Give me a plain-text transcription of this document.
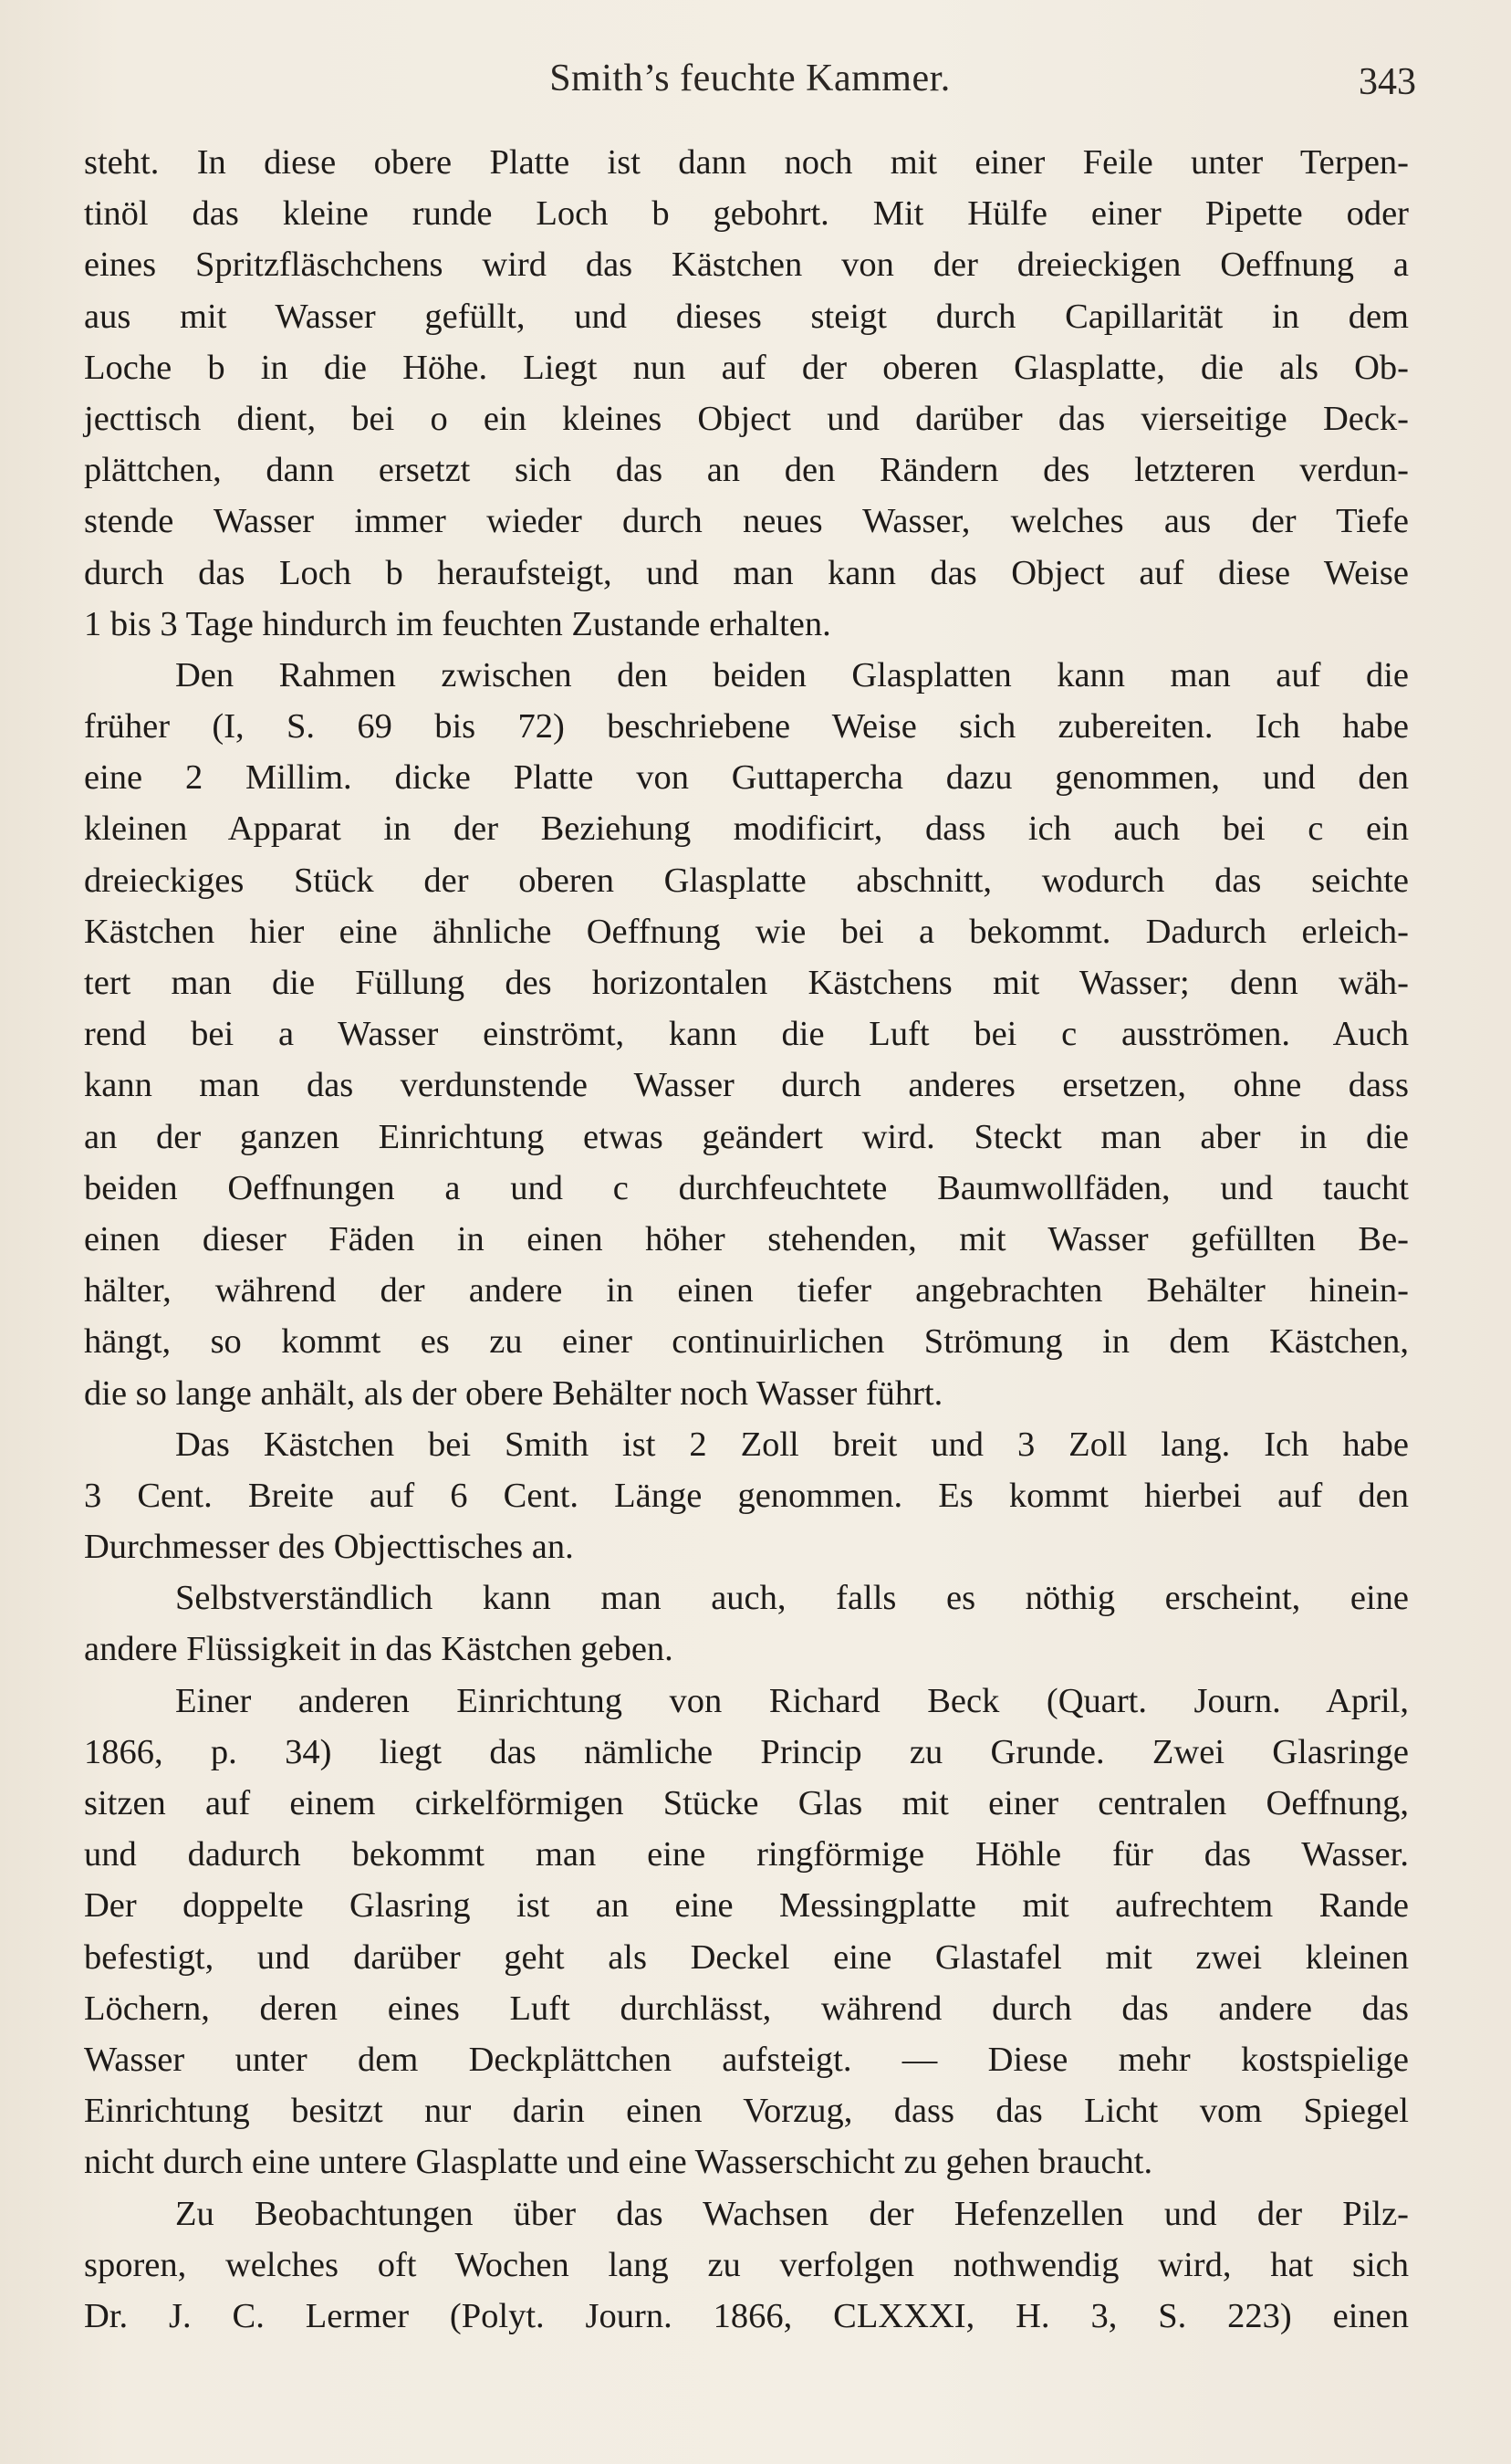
Smith’s feuchte Kammer.	343
steht. In diese obere Platte ist dann noch mit einer Feile unter Terpen-
tinöl das kleine runde Loch b gebohrt. Mit Hülfe einer Pipette oder
eines Spritzfläschchens wird das Kästchen von der dreieckigen Oeffnung a
aus mit Wasser gefüllt, und dieses steigt durch Capillarität in dem
Loche b in die Höhe. Liegt nun auf der oberen Glasplatte, die als Ob-
jecttisch dient, bei o ein kleines Object und darüber das vierseitige Deck-
plättchen, dann ersetzt sich das an den Rändern des letzteren verdun-
stende Wasser immer wieder durch neues Wasser, welches aus der Tiefe
durch das Loch b heraufsteigt, und man kann das Object auf diese Weise
1 bis 3 Tage hindurch im feuchten Zustande erhalten.
Den Rahmen zwischen den beiden Glasplatten kann man auf die
früher (I, S. 69 bis 72) beschriebene Weise sich zubereiten. Ich habe
eine 2 Millim. dicke Platte von Guttapercha dazu genommen, und den
kleinen Apparat in der Beziehung modificirt, dass ich auch bei c ein
dreieckiges Stück der oberen Glasplatte abschnitt, wodurch das seichte
Kästchen hier eine ähnliche Oeffnung wie bei a bekommt. Dadurch erleich-
tert man die Füllung des horizontalen Kästchens mit Wasser; denn wäh-
rend bei a Wasser einströmt, kann die Luft bei c ausströmen. Auch
kann man das verdunstende Wasser durch anderes ersetzen, ohne dass
an der ganzen Einrichtung etwas geändert wird. Steckt man aber in die
beiden Oeffnungen a und c durchfeuchtete Baumwollfäden, und taucht
einen dieser Fäden in einen höher stehenden, mit Wasser gefüllten Be-
hälter, während der andere in einen tiefer angebrachten Behälter hinein-
hängt, so kommt es zu einer continuirlichen Strömung in dem Kästchen,
die so lange anhält, als der obere Behälter noch Wasser führt.
Das Kästchen bei Smith ist 2 Zoll breit und 3 Zoll lang. Ich habe
3 Cent. Breite auf 6 Cent. Länge genommen. Es kommt hierbei auf den
Durchmesser des Objecttisches an.
Selbstverständlich kann man auch, falls es nöthig erscheint, eine
andere Flüssigkeit in das Kästchen geben.
Einer anderen Einrichtung von Richard Beck (Quart. Journ. April,
1866, p. 34) liegt das nämliche Princip zu Grunde. Zwei Glasringe
sitzen auf einem cirkelförmigen Stücke Glas mit einer centralen Oeffnung,
und dadurch bekommt man eine ringförmige Höhle für das Wasser.
Der doppelte Glasring ist an eine Messingplatte mit aufrechtem Rande
befestigt, und darüber geht als Deckel eine Glastafel mit zwei kleinen
Löchern, deren eines Luft durchlässt, während durch das andere das
Wasser unter dem Deckplättchen aufsteigt. — Diese mehr kostspielige
Einrichtung besitzt nur darin einen Vorzug, dass das Licht vom Spiegel
nicht durch eine untere Glasplatte und eine Wasserschicht zu gehen braucht.
Zu Beobachtungen über das Wachsen der Hefenzellen und der Pilz-
sporen, welches oft Wochen lang zu verfolgen nothwendig wird, hat sich
Dr. J. C. Lermer (Polyt. Journ. 1866, CLXXXI, H. 3, S. 223) einen
